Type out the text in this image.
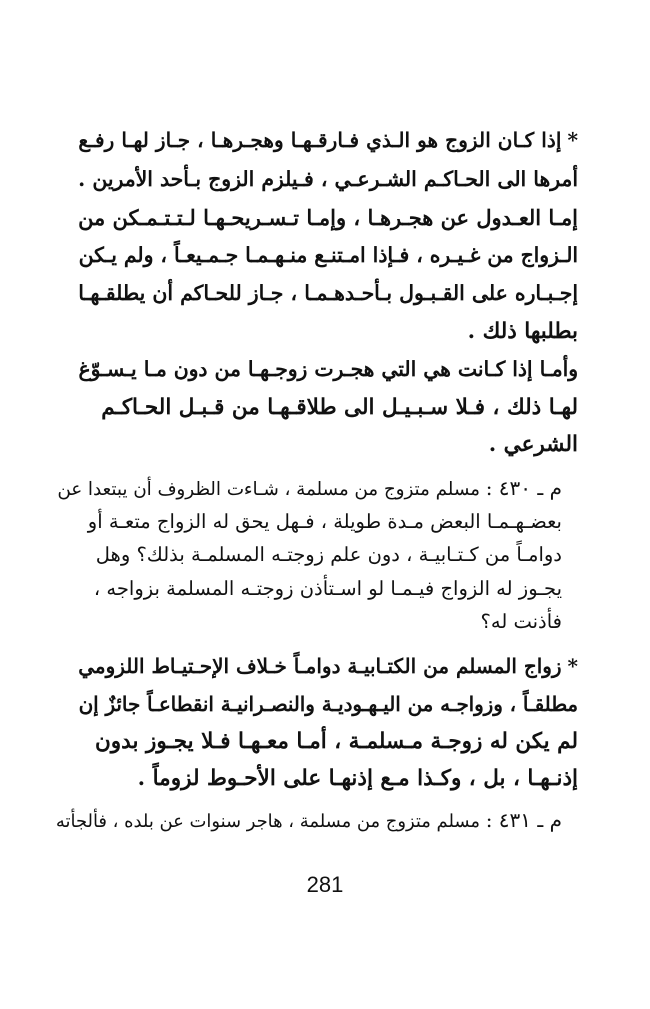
*إذا كـان الزوج هو الـذي فـارقـهـا وهجـرهـا ، جـاز لهـا رفـع
أمرها الى الحـاكـم الشـرعـي ، فـيلزم الزوج بـأحد الأمرين .
إمـا العـدول عن هجـرهـا ، وإمـا تـسـريحـهـا لـتـتـمـكن من
الـزواج من غـيـره ، فـإذا امـتنـع منـهـمـا جـمـيعـاً ، ولم يـكن
إجـبـاره على القـبـول بـأحـدهـمـا ، جـاز للحـاكم أن يطلقـهـا
بطلبها ذلك .
وأمـا إذا كـانت هي التي هجـرت زوجـهـا من دون مـا يـسـوّغ
لهـا ذلك ، فـلا سـبـيـل الى طلاقـهـا من قـبـل الحـاكـم
الشرعي .
م ـ ٤٣٠ : مسلم متزوج من مسلمة ، شـاءت الظروف أن يبتعدا عن
بعضـهـمـا البعض مـدة طويلة ، فـهل يحق له الزواج متعـة أو
دوامـاً من كـتـابيـة ، دون علم زوجتـه المسلمـة بذلك؟ وهل
يجـوز له الزواج فيـمـا لو اسـتأذن زوجتـه المسلمة بزواجه ،
فأذنت له؟
*زواج المسلم من الكتـابيـة دوامـاً خـلاف الإحـتيـاط اللزومي
مطلقـاً ، وزواجـه من اليـهـوديـة والنصـرانيـة انقطاعـاً جائزٌ إن
لم يكن له زوجـة مـسلمـة ، أمـا معـهـا فـلا يجـوز بدون
إذنـهـا ، بل ، وكـذا مـع إذنهـا على الأحـوط لزوماً .
م ـ ٤٣١ : مسلم متزوج من مسلمة ، هاجر سنوات عن بلده ، فألجأته
281
